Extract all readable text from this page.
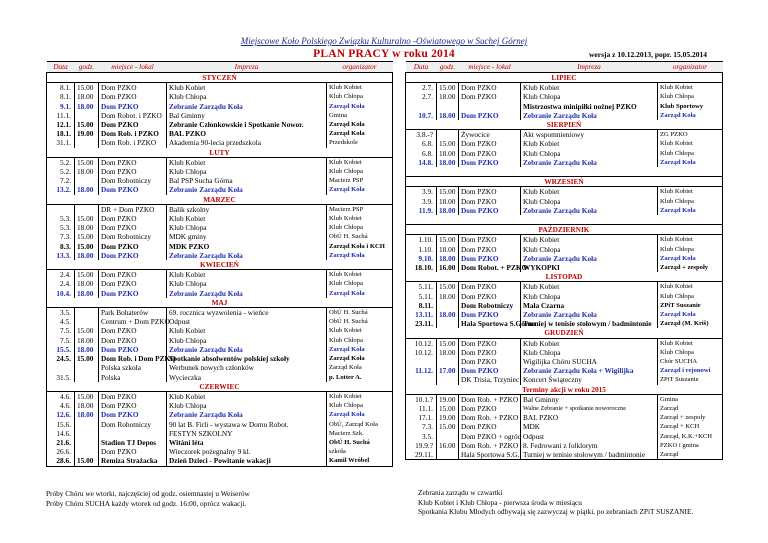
Miejscowe Koło Polskiego Związku Kulturalno -Oświatowego w Suchej Górnej
PLAN PRACY w roku 2014	wersja z 10.12.2013, popr. 15.05.2014
Data	godz.	miejsce - lokal	Impreza	organizator
STYCZEŃ				
8.1.	15.00	Dom PZKO	Klub Kobiet	Klub Kobiet
8.1.	18.00	Dom PZKO	Klub Chłopa	Klub Chłopa
9.1.	18.00	Dom PZKO	Zebranie Zarządu Koła	Zarząd Koła
11.1.		Dom Robot. i PZKO	Bal Gminny	Gmina
12.1.	15.00	Dom PZKO	Zebranie Członkowskie i Spotkanie Nowor.	Zarząd Koła
18.1.	19.00	Dom Rob. i PZKO	BAL PZKO	Zarząd Koła
31.1.		Dom Rob. i PZKO	Akademia 90-lecia przedszkola	Przedskole
LUTY				
5.2.	15.00	Dom PZKO	Klub Kobiet	Klub Kobiet
5.2.	18.00	Dom PZKO	Klub Chłopa	Klub Chłopa
7.2.		Dom Robotniczy	Bal PSP Sucha Górna	Macierz PSP
13.2.	18.00	Dom PZKO	Zebranie Zarządu Koła	Zarząd Koła
MARZEC				
		DR + Dom PZKO	Balik szkolny	Macierz PSP
5.3.	15.00	Dom PZKO	Klub Kobiet	Klub Kobiet
5.3.	18.00	Dom PZKO	Klub Chłopa	Klub Chłopa
7.3.	15.00	Dom Robotniczy	MDK gminy	ObÚ H. Suchá
8.3.	15.00	Dom PZKO	MDK PZKO	Zarząd Koła i KCH
13.3.	18.00	Dom PZKO	Zebranie Zarządu Koła	Zarząd Koła
KWIECIEŃ				
2.4.	15.00	Dom PZKO	Klub Kobiet	Klub Kobiet
2.4.	18.00	Dom PZKO	Klub Chłopa	Klub Chłopa
10.4.	18.00	Dom PZKO	Zebranie Zarządu Koła	Zarząd Koła
MAJ				
3.5.		Park Bohaterów	69. rocznica wyzwolenia - wieńce	ObÚ H. Suchá
4.5.		Centrum + Dom PZKO	Odpust	ObÚ H. Suchá
7.5.	15.00	Dom PZKO	Klub Kobiet	Klub Kobiet
7.5.	18.00	Dom PZKO	Klub Chłopa	Klub Chłopa
15.5.	18.00	Dom PZKO	Zebranie Zarządu Koła	Zarząd Koła
24.5.	15.00	Dom Rob. i Dom PZKO	Spotkanie absolwentów polskiej szkoły	Zarząd Koła
		Polska szkoła	Werbunek nowych członków	Zarząd Koła
31.5.		Polska	Wycieczka	p. Lotter A.
CZERWIEC				
4.6.	15.00	Dom PZKO	Klub Kobiet	Klub Kobiet
4.6.	18.00	Dom PZKO	Klub Chłopa	Klub Chłopa
12.6.	18.00	Dom PZKO	Zebranie Zarządu Koła	Zarząd Koła
15.6.		Dom Robotniczy	90 lat B. Firli - wystawa w Domu Robot.	ObÚ, Zarząd Koła
14.6.			FESTYN SZKOLNY	Macierz Szk.
21.6.		Stadion TJ Depos	Witání léta	ObÚ H. Suchá
26.6.		Dom PZKO	Wieczorek pożegnalny 9 kl.	szkoła
28.6.	15.00	Remiza Strażacka	Dzień Dzieci - Powitanie wakacji	Kamil Wróbel
Data	godz.	miejsce - lokal	Impreza	organizator
LIPIEC				
2.7.	15.00	Dom PZKO	Klub Kobiet	Klub Kobiet
2.7.	18.00	Dom PZKO	Klub Chłopa	Klub Chłopa
			Mistrzostwa minipiłki nożnej PZKO	Klub Sportowy
10.7.	18.00	Dom PZKO	Zebranie Zarządu Koła	Zarząd Koła
SIERPIEŃ				
3.8.-?		Żywocice	Akt wspomnieniowy	ZG PZKO
6.8.	15.00	Dom PZKO	Klub Kobiet	Klub Kobiet
6.8.	18.00	Dom PZKO	Klub Chłopa	Klub Chłopa
14.8.	18.00	Dom PZKO	Zebranie Zarządu Koła	Zarząd Koła

WRZESIEŃ				
3.9.	15.00	Dom PZKO	Klub Kobiet	Klub Kobiet
3.9.	18.00	Dom PZKO	Klub Chłopa	Klub Chłopa
11.9.	18.00	Dom PZKO	Zebranie Zarządu Koła	Zarząd Koła

PAŹDZIERNIK				
1.10.	15.00	Dom PZKO	Klub Kobiet	Klub Kobiet
1.10.	18.00	Dom PZKO	Klub Chłopa	Klub Chłopa
9.10.	18.00	Dom PZKO	Zebranie Zarządu Koła	Zarząd Koła
18.10.	16.00	Dom Robot. + PZKO	WYKOPKI	Zarząd + zespoły
LISTOPAD				
5.11.	15.00	Dom PZKO	Klub Kobiet	Klub Kobiet
5.11.	18.00	Dom PZKO	Klub Chłopa	Klub Chłopa
8.11.		Dom Robotniczy	Mała Czarna	ZPiT Suszanie
13.11.	18.00	Dom PZKO	Zebranie Zarządu Koła	Zarząd Koła
23.11.		Hala Sportowa S.Górna	Turniej w tenisie stołowym / badmintonie	Zarząd (M. Kriš)
GRUDZIEŃ				
10.12.	15.00	Dom PZKO	Klub Kobiet	Klub Kobiet
10.12.	18.00	Dom PZKO	Klub Chłopa	Klub Chłopa
		Dom PZKO	Wigilijka Chóru SUCHA	Chór SUCHA
11.12.	17.00	Dom PZKO	Zebranie Zarządu Koła + Wigilijka	Zarząd i rejonowi
		DK Trisia, Trzyniec	Koncert Świąteczny	ZPiT Suszanie
Terminy akcji w roku 2015				
10.1.?	19.00	Dom Rob. + PZKO	Bal Gminny	Gmina
11.1.	15.00	Dom PZKO	Walne Zebranie + spotkanie noworoczne	Zarząd
17.1.	19.00	Dom Rob. + PZKO	BAL PZKO	Zarząd + zespoły
7.3.	15.00	Dom PZKO	MDK	Zarząd + KCH
3.5.		Dom PZKO + ogród	Odpust	Zarząd, K.K.+KCH
19.9.?	16.00	Dom Rob. + PZKO	8. Fedrowani z folklorym	PZKO i gmina
29.11.		Hala Sportowa S.G.	Turniej w tenisie stołowym / badmintonie	Zarząd
Próby Chóru we wtorki, najczęściej od godz. osiemnastej u Weiserów
Próby Chóru SUCHA każdy wtorek od godz. 16:00, oprócz wakacji.
Zebrania zarządu w czwartki
Klub Kobiet i Klub Chłopa - pierwsza środa w miesiącu
Spotkania Klubu Młodych odbywają się zazwyczaj w piątki, po zebraniach ZPiT SUSZANIE.
